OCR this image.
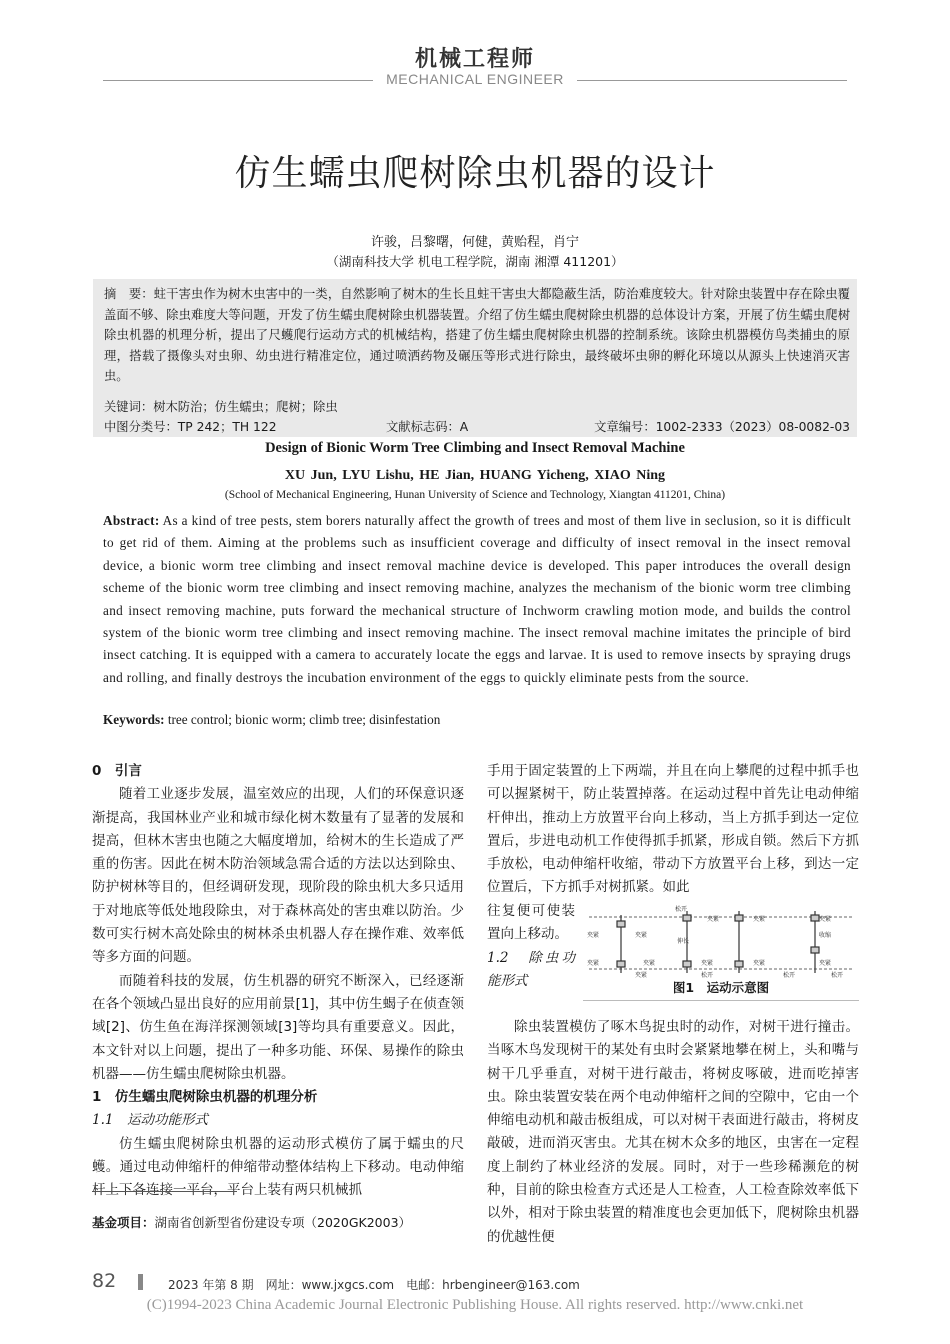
机械工程师
MECHANICAL ENGINEER
仿生蠕虫爬树除虫机器的设计
许骏，吕黎曙，何健，黄贻程，肖宁
（湖南科技大学 机电工程学院，湖南 湘潭 411201）
摘　要：蛀干害虫作为树木虫害中的一类，自然影响了树木的生长且蛀干害虫大都隐蔽生活，防治难度较大。针对除虫装置中存在除虫覆盖面不够、除虫难度大等问题，开发了仿生蠕虫爬树除虫机器装置。介绍了仿生蠕虫爬树除虫机器的总体设计方案，开展了仿生蠕虫爬树除虫机器的机理分析，提出了尺蠖爬行运动方式的机械结构，搭建了仿生蠕虫爬树除虫机器的控制系统。该除虫机器模仿鸟类捕虫的原理，搭载了摄像头对虫卵、幼虫进行精准定位，通过喷洒药物及碾压等形式进行除虫，最终破坏虫卵的孵化环境以从源头上快速消灭害虫。
关键词：树木防治；仿生蠕虫；爬树；除虫
中图分类号：TP 242；TH 122	文献标志码：A	文章编号：1002-2333（2023）08-0082-03
Design of Bionic Worm Tree Climbing and Insect Removal Machine
XU Jun, LYU Lishu, HE Jian, HUANG Yicheng, XIAO Ning
(School of Mechanical Engineering, Hunan University of Science and Technology, Xiangtan 411201, China)
Abstract: As a kind of tree pests, stem borers naturally affect the growth of trees and most of them live in seclusion, so it is difficult to get rid of them. Aiming at the problems such as insufficient coverage and difficulty of insect removal in the insect removal device, a bionic worm tree climbing and insect removal machine device is developed. This paper introduces the overall design scheme of the bionic worm tree climbing and insect removing machine, analyzes the mechanism of the bionic worm tree climbing and insect removing machine, puts forward the mechanical structure of Inchworm crawling motion mode, and builds the control system of the bionic worm tree climbing and insect removing machine. The insect removal machine imitates the principle of bird insect catching. It is equipped with a camera to accurately locate the eggs and larvae. It is used to remove insects by spraying drugs and rolling, and finally destroys the incubation environment of the eggs to quickly eliminate pests from the source.
Keywords: tree control; bionic worm; climb tree; disinfestation

0　引言

随着工业逐步发展，温室效应的出现，人们的环保意识逐渐提高，我国林业产业和城市绿化树木数量有了显著的发展和提高，但林木害虫也随之大幅度增加，给树木的生长造成了严重的伤害。因此在树木防治领域急需合适的方法以达到除虫、防护树林等目的，但经调研发现，现阶段的除虫机大多只适用于对地底等低处地段除虫，对于森林高处的害虫难以防治。少数可实行树木高处除虫的树林杀虫机器人存在操作难、效率低等多方面的问题。

而随着科技的发展，仿生机器的研究不断深入，已经逐渐在各个领域凸显出良好的应用前景[1]，其中仿生蝎子在侦查领域[2]、仿生鱼在海洋探测领域[3]等均具有重要意义。因此，本文针对以上问题，提出了一种多功能、环保、易操作的除虫机器——仿生蠕虫爬树除虫机器。

1　仿生蠕虫爬树除虫机器的机理分析

1.1　运动功能形式

仿生蠕虫爬树除虫机器的运动形式模仿了属于蠕虫的尺蠖。通过电动伸缩杆的伸缩带动整体结构上下移动。电动伸缩杆上下各连接一平台，平台上装有两只机械抓

基金项目：湖南省创新型省份建设专项（2020GK2003）

手用于固定装置的上下两端，并且在向上攀爬的过程中抓手也可以握紧树干，防止装置掉落。在运动过程中首先让电动伸缩杆伸出，推动上方放置平台向上移动，当上方抓手到达一定位置后，步进电动机工作使得抓手抓紧，形成自锁。然后下方抓手放松，电动伸缩杆收缩，带动下方放置平台上移，到达一定位置后，下方抓手对树抓紧。如此

往复便可使装置向上移动。

1.2　除虫功能形式

除虫装置模仿了啄木鸟捉虫时的动作，对树干进行撞击。当啄木鸟发现树干的某处有虫时会紧紧地攀在树上，头和嘴与树干几乎垂直，对树干进行敲击，将树皮啄破，进而吃掉害虫。除虫装置安装在两个电动伸缩杆之间的空隙中，它由一个伸缩电动机和敲击板组成，可以对树干表面进行敲击，将树皮敲破，进而消灭害虫。尤其在树木众多的地区，虫害在一定程度上制约了林业经济的发展。同时，对于一些珍稀濒危的树种，目前的除虫检查方式还是人工检查，人工检查除效率低下以外，相对于除虫装置的精准度也会更加低下，爬树除虫机器的优越性便

夹紧
松开
夹紧
夹紧
伸长
夹紧	夹紧
夹紧	收缩
夹紧	夹紧
松开
夹紧	夹紧
松开	松开
夹紧
图1　运动示意图
82	2023 年第 8 期　网址：www.jxgcs.com　电邮：hrbengineer@163.com
(C)1994-2023 China Academic Journal Electronic Publishing House. All rights reserved. http://www.cnki.net
